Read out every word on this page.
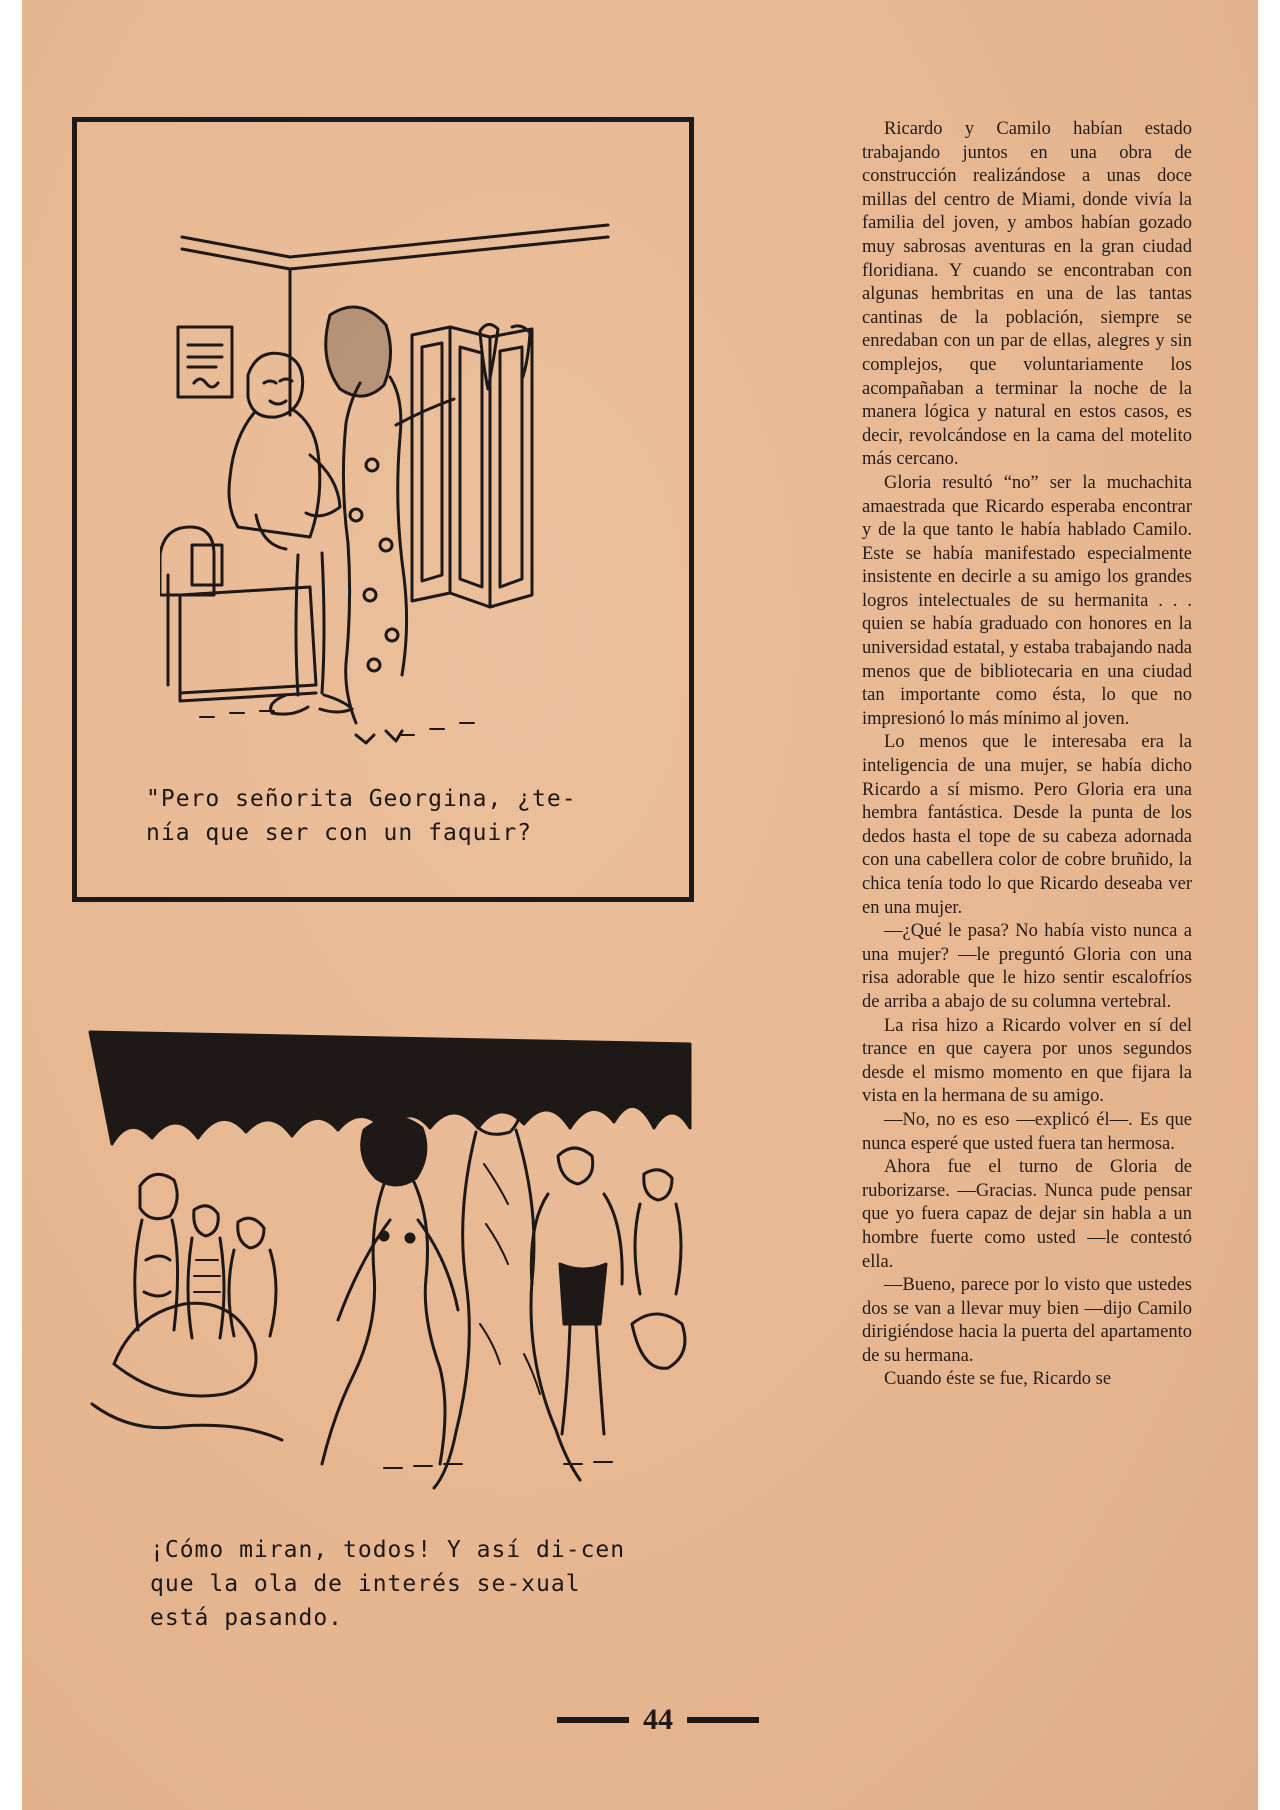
"Pero señorita Georgina, ¿te-nía que ser con un faquir?

¡Cómo miran, todos! Y así di-cen que la ola de interés se-xual está pasando.

Ricardo y Camilo habían estado trabajando juntos en una obra de construcción realizándose a unas doce millas del centro de Miami, donde vivía la familia del joven, y ambos habían gozado muy sabrosas aventuras en la gran ciudad floridiana. Y cuando se encontraban con algunas hembritas en una de las tantas cantinas de la población, siempre se enredaban con un par de ellas, alegres y sin complejos, que voluntariamente los acompañaban a terminar la noche de la manera lógica y natural en estos casos, es decir, revolcándose en la cama del motelito más cercano.

Gloria resultó “no” ser la muchachita amaestrada que Ricardo esperaba encontrar y de la que tanto le había hablado Camilo. Este se había manifestado especialmente insistente en decirle a su amigo los grandes logros intelectuales de su hermanita . . . quien se había graduado con honores en la universidad estatal, y estaba trabajando nada menos que de bibliotecaria en una ciudad tan importante como ésta, lo que no impresionó lo más mínimo al joven.

Lo menos que le interesaba era la inteligencia de una mujer, se había dicho Ricardo a sí mismo. Pero Gloria era una hembra fantástica. Desde la punta de los dedos hasta el tope de su cabeza adornada con una cabellera color de cobre bruñido, la chica tenía todo lo que Ricardo deseaba ver en una mujer.

—¿Qué le pasa? No había visto nunca a una mujer? —le preguntó Gloria con una risa adorable que le hizo sentir escalofríos de arriba a abajo de su columna vertebral.

La risa hizo a Ricardo volver en sí del trance en que cayera por unos segundos desde el mismo momento en que fijara la vista en la hermana de su amigo.

—No, no es eso —explicó él—. Es que nunca esperé que usted fuera tan hermosa.

Ahora fue el turno de Gloria de ruborizarse. —Gracias. Nunca pude pensar que yo fuera capaz de dejar sin habla a un hombre fuerte como usted —le contestó ella.

—Bueno, parece por lo visto que ustedes dos se van a llevar muy bien —dijo Camilo dirigiéndose hacia la puerta del apartamento de su hermana.

Cuando éste se fue, Ricardo se

44
